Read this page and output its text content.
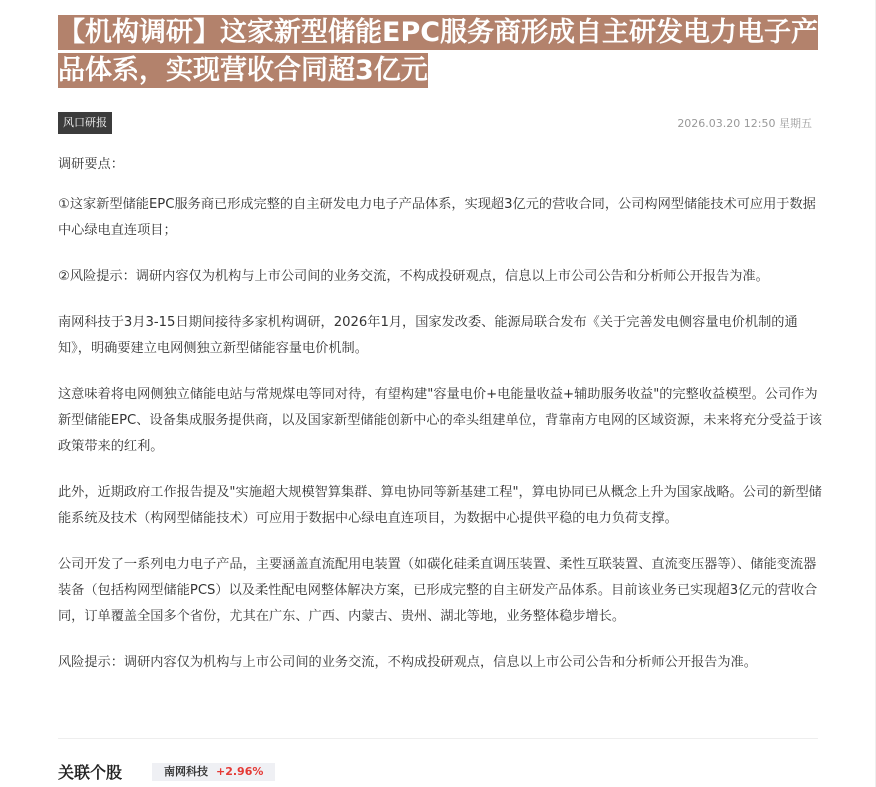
【机构调研】这家新型储能EPC服务商形成自主研发电力电子产品体系，实现营收合同超3亿元
风口研报	2026.03.20 12:50 星期五

调研要点：

①这家新型储能EPC服务商已形成完整的自主研发电力电子产品体系，实现超3亿元的营收合同，公司构网型储能技术可应用于数据中心绿电直连项目；

②风险提示：调研内容仅为机构与上市公司间的业务交流，不构成投研观点，信息以上市公司公告和分析师公开报告为准。

南网科技于3月3-15日期间接待多家机构调研，2026年1月，国家发改委、能源局联合发布《关于完善发电侧容量电价机制的通知》，明确要建立电网侧独立新型储能容量电价机制。

这意味着将电网侧独立储能电站与常规煤电等同对待，有望构建"容量电价+电能量收益+辅助服务收益"的完整收益模型。公司作为新型储能EPC、设备集成服务提供商，以及国家新型储能创新中心的牵头组建单位，背靠南方电网的区域资源，未来将充分受益于该政策带来的红利。

此外，近期政府工作报告提及"实施超大规模智算集群、算电协同等新基建工程"，算电协同已从概念上升为国家战略。公司的新型储能系统及技术（构网型储能技术）可应用于数据中心绿电直连项目，为数据中心提供平稳的电力负荷支撑。

公司开发了一系列电力电子产品，主要涵盖直流配用电装置（如碳化硅柔直调压装置、柔性互联装置、直流变压器等）、储能变流器装备（包括构网型储能PCS）以及柔性配电网整体解决方案，已形成完整的自主研发产品体系。目前该业务已实现超3亿元的营收合同，订单覆盖全国多个省份，尤其在广东、广西、内蒙古、贵州、湖北等地，业务整体稳步增长。

风险提示：调研内容仅为机构与上市公司间的业务交流，不构成投研观点，信息以上市公司公告和分析师公开报告为准。

关联个股	南网科技 +2.96%
